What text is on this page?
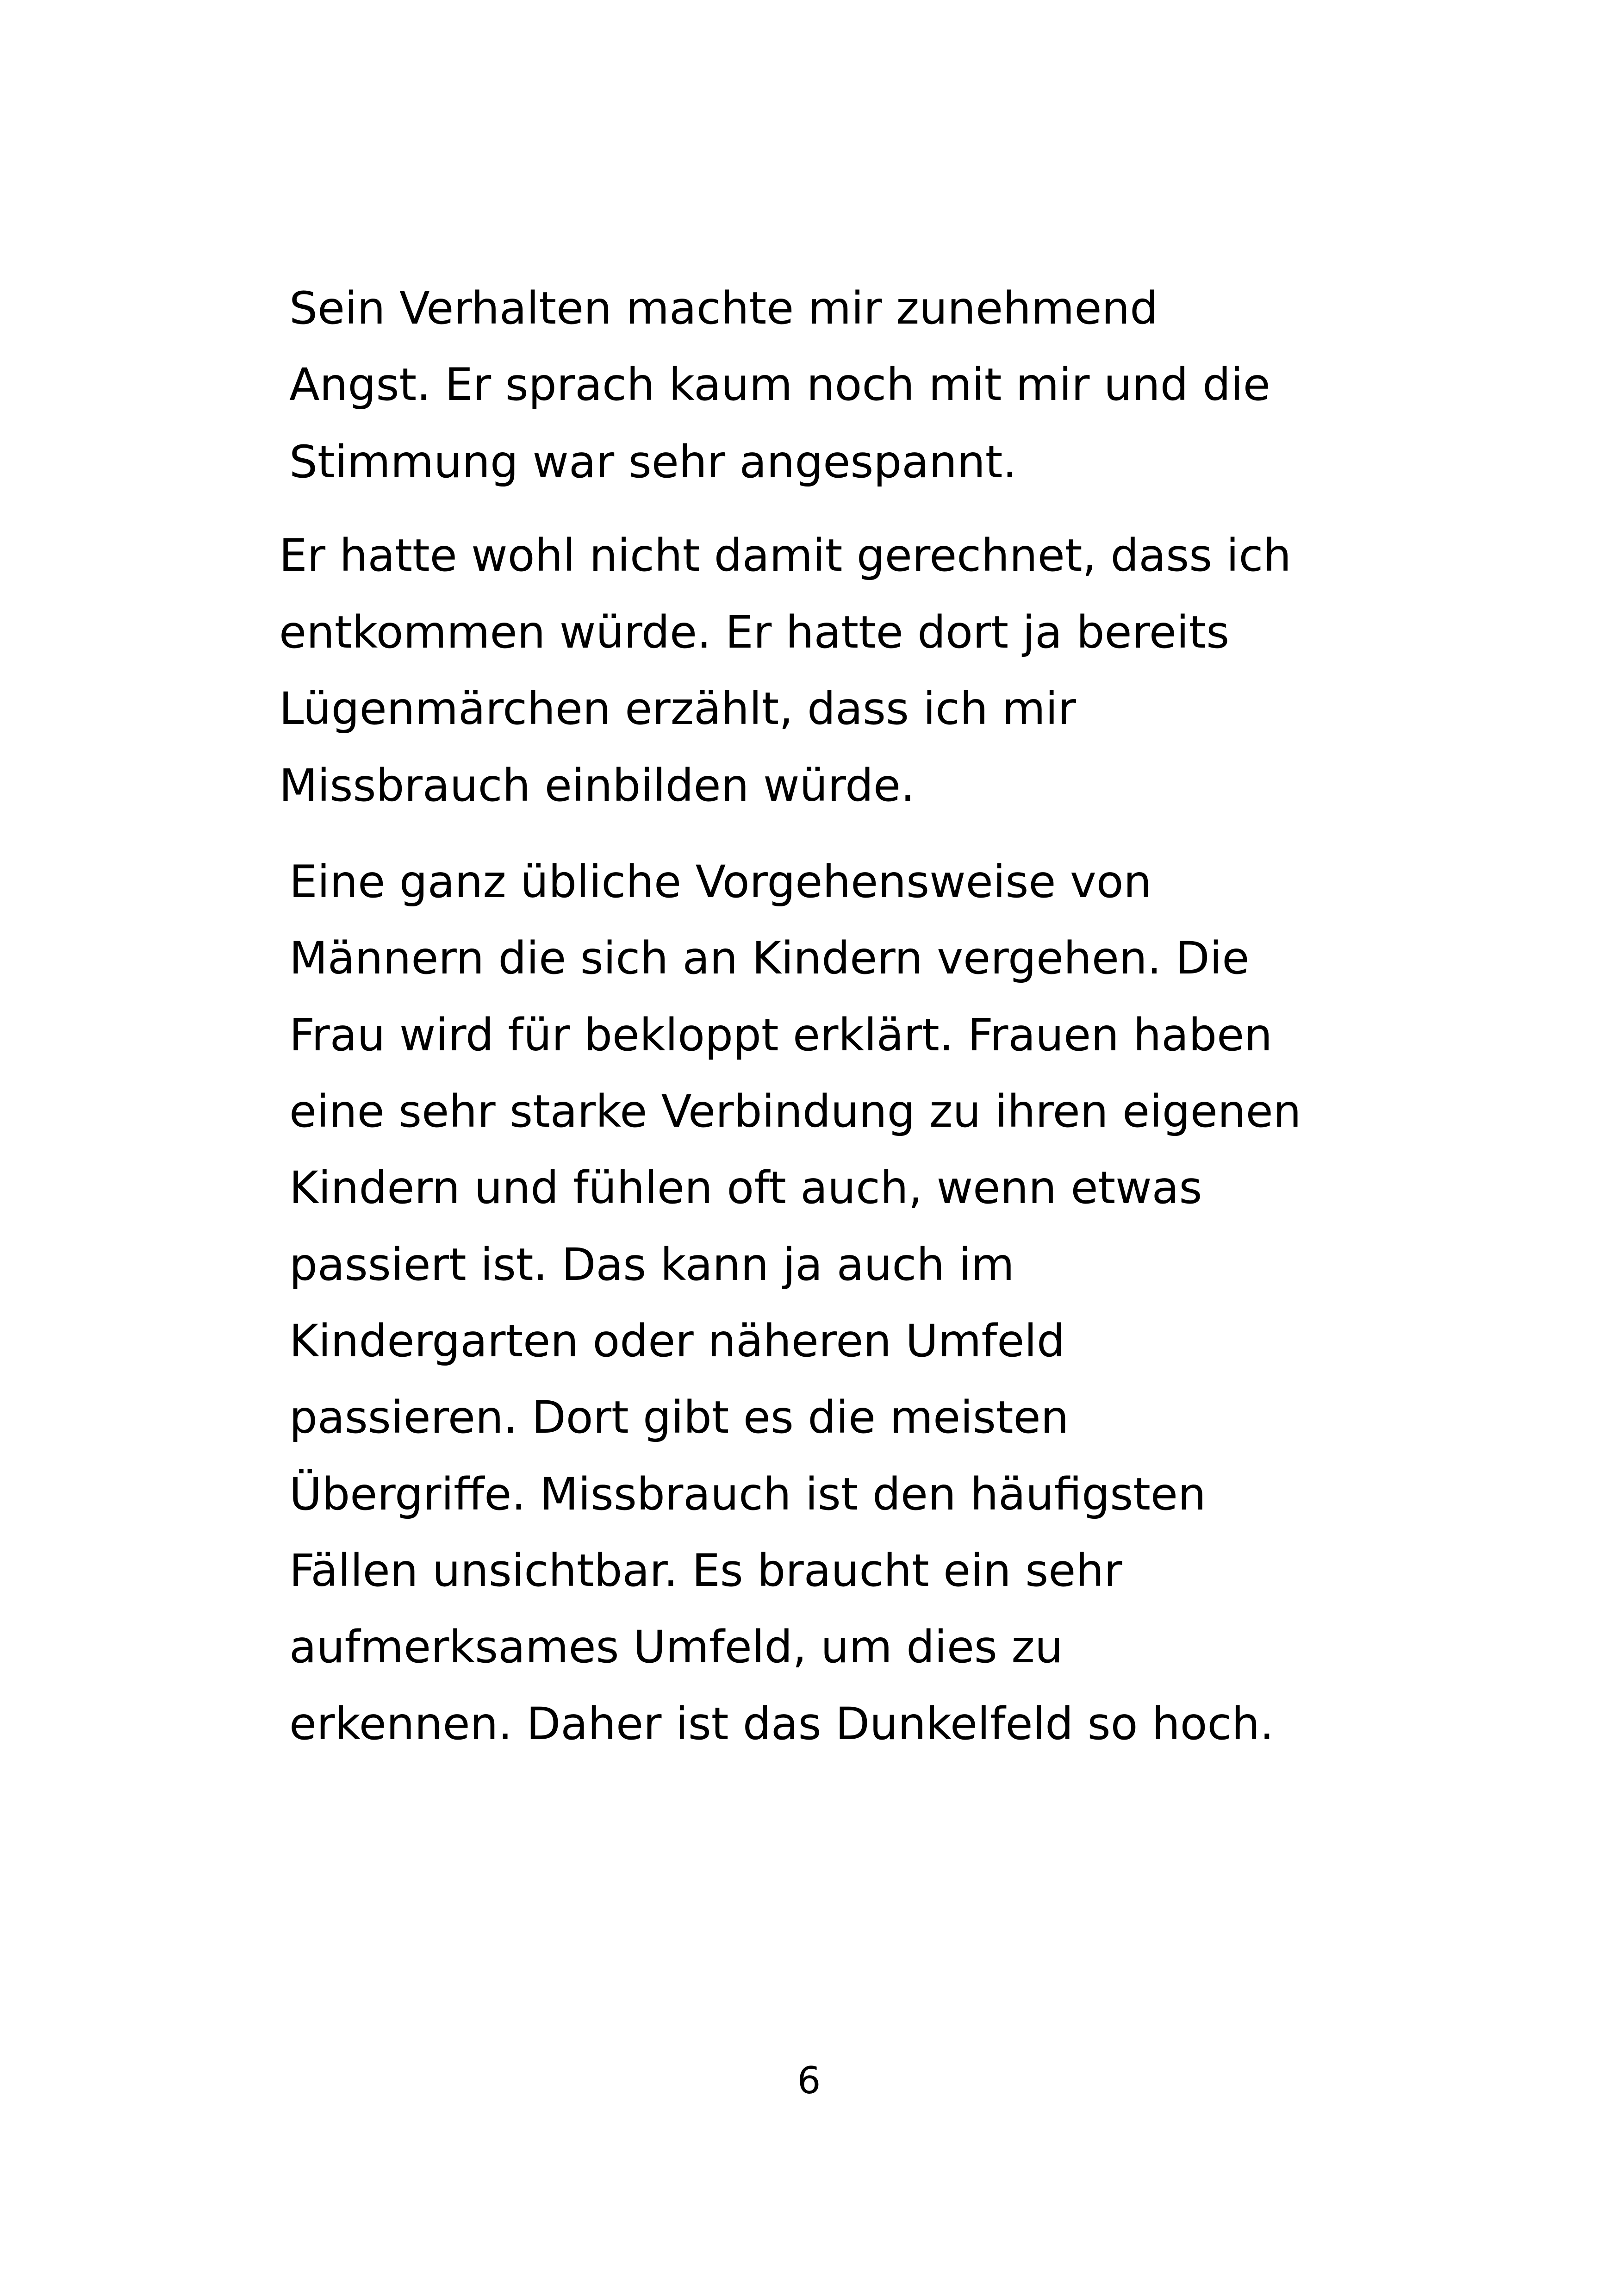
Sein Verhalten machte mir zunehmend
Angst. Er sprach kaum noch mit mir und die
Stimmung war sehr angespannt.
Er hatte wohl nicht damit gerechnet, dass ich
entkommen würde. Er hatte dort ja bereits
Lügenmärchen erzählt, dass ich mir
Missbrauch einbilden würde.
Eine ganz übliche Vorgehensweise von
Männern die sich an Kindern vergehen. Die
Frau wird für bekloppt erklärt. Frauen haben
eine sehr starke Verbindung zu ihren eigenen
Kindern und fühlen oft auch, wenn etwas
passiert ist. Das kann ja auch im
Kindergarten oder näheren Umfeld
passieren. Dort gibt es die meisten
Übergriffe. Missbrauch ist den häufigsten
Fällen unsichtbar. Es braucht ein sehr
aufmerksames Umfeld, um dies zu
erkennen. Daher ist das Dunkelfeld so hoch.
6
